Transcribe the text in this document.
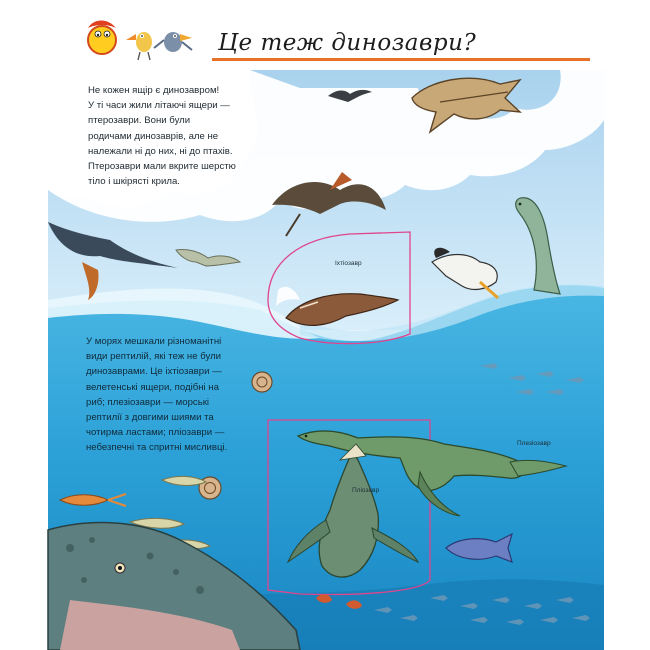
Це теж динозаври?

Не кожен ящір є динозавром!
У ті часи жили літаючі ящери —
птерозаври. Вони були
родичами динозаврів, але не
належали ні до них, ні до птахів.
Птерозаври мали вкрите шерстю
тіло і шкірясті крила.

У морях мешкали різноманітні
види рептилій, які теж не були
динозаврами. Це іхтіозаври —
велетенські ящери, подібні на
риб; плезіозаври — морські
рептилії з довгими шиями та
чотирма ластами; пліозаври —
небезпечні та спритні мисливці.

Іхтіозавр
Плезіозавр
Пліозавр
